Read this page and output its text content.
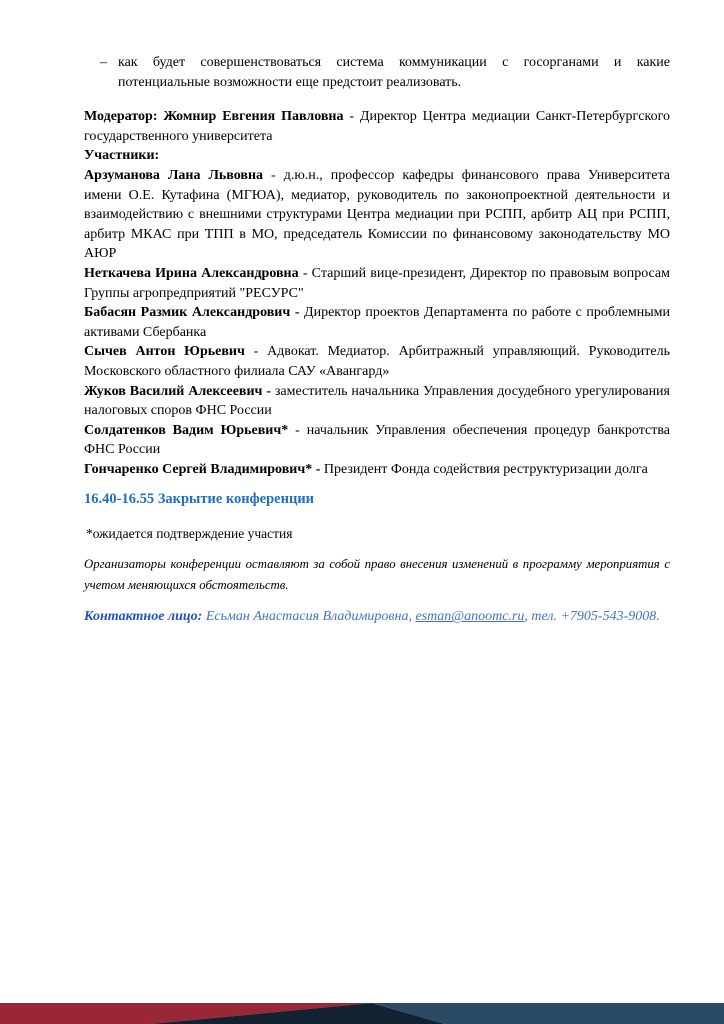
– как будет совершенствоваться система коммуникации с госорганами и какие потенциальные возможности еще предстоит реализовать.
Модератор: Жомнир Евгения Павловна - Директор Центра медиации Санкт-Петербургского государственного университета

Участники:

Арзуманова Лана Львовна - д.ю.н., профессор кафедры финансового права Университета имени О.Е. Кутафина (МГЮА), медиатор, руководитель по законопроектной деятельности и взаимодействию с внешними структурами Центра медиации при РСПП, арбитр АЦ при РСПП, арбитр МКАС при ТПП в МО, председатель Комиссии по финансовому законодательству МО АЮР

Неткачева Ирина Александровна - Старший вице-президент, Директор по правовым вопросам Группы агропредприятий "РЕСУРС"

Бабасян Размик Александрович - Директор проектов Департамента по работе с проблемными активами Сбербанка

Сычев Антон Юрьевич - Адвокат. Медиатор. Арбитражный управляющий. Руководитель Московского областного филиала САУ «Авангард»

Жуков Василий Алексеевич - заместитель начальника Управления досудебного урегулирования налоговых споров ФНС России

Солдатенков Вадим Юрьевич* - начальник Управления обеспечения процедур банкротства ФНС России

Гончаренко Сергей Владимирович* - Президент Фонда содействия реструктуризации долга

16.40-16.55 Закрытие конференции

*ожидается подтверждение участия

Организаторы конференции оставляют за собой право внесения изменений в программу мероприятия с учетом меняющихся обстоятельств.

Контактное лицо: Есьман Анастасия Владимировна, esman@anoomc.ru, тел. +7905-543-9008.
